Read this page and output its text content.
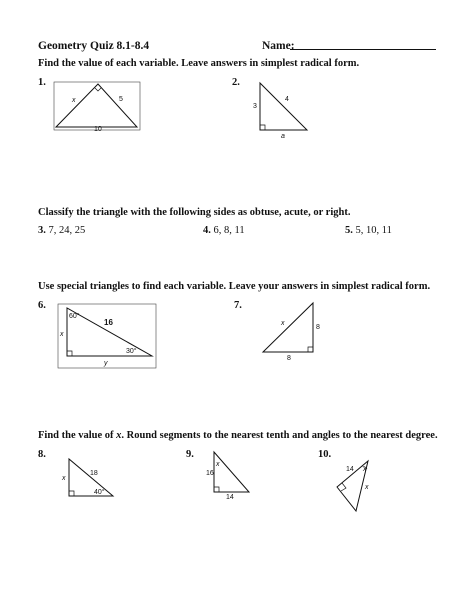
Geometry Quiz 8.1-8.4	Name:
Find the value of each variable. Leave answers in simplest radical form.
1.	2.
x	5
10
3
4
a
Classify the triangle with the following sides as obtuse, acute, or right.
3. 7, 24, 25	4. 6, 8, 11	5. 5, 10, 11
Use special triangles to find each variable. Leave your answers in simplest radical form.
6.	7.
60°
16
30°
x
y
x
8
8
Find the value of x. Round segments to the nearest tenth and angles to the nearest degree.
8.	9.	10.
18
x
40°
x
16
14
14 x
x
